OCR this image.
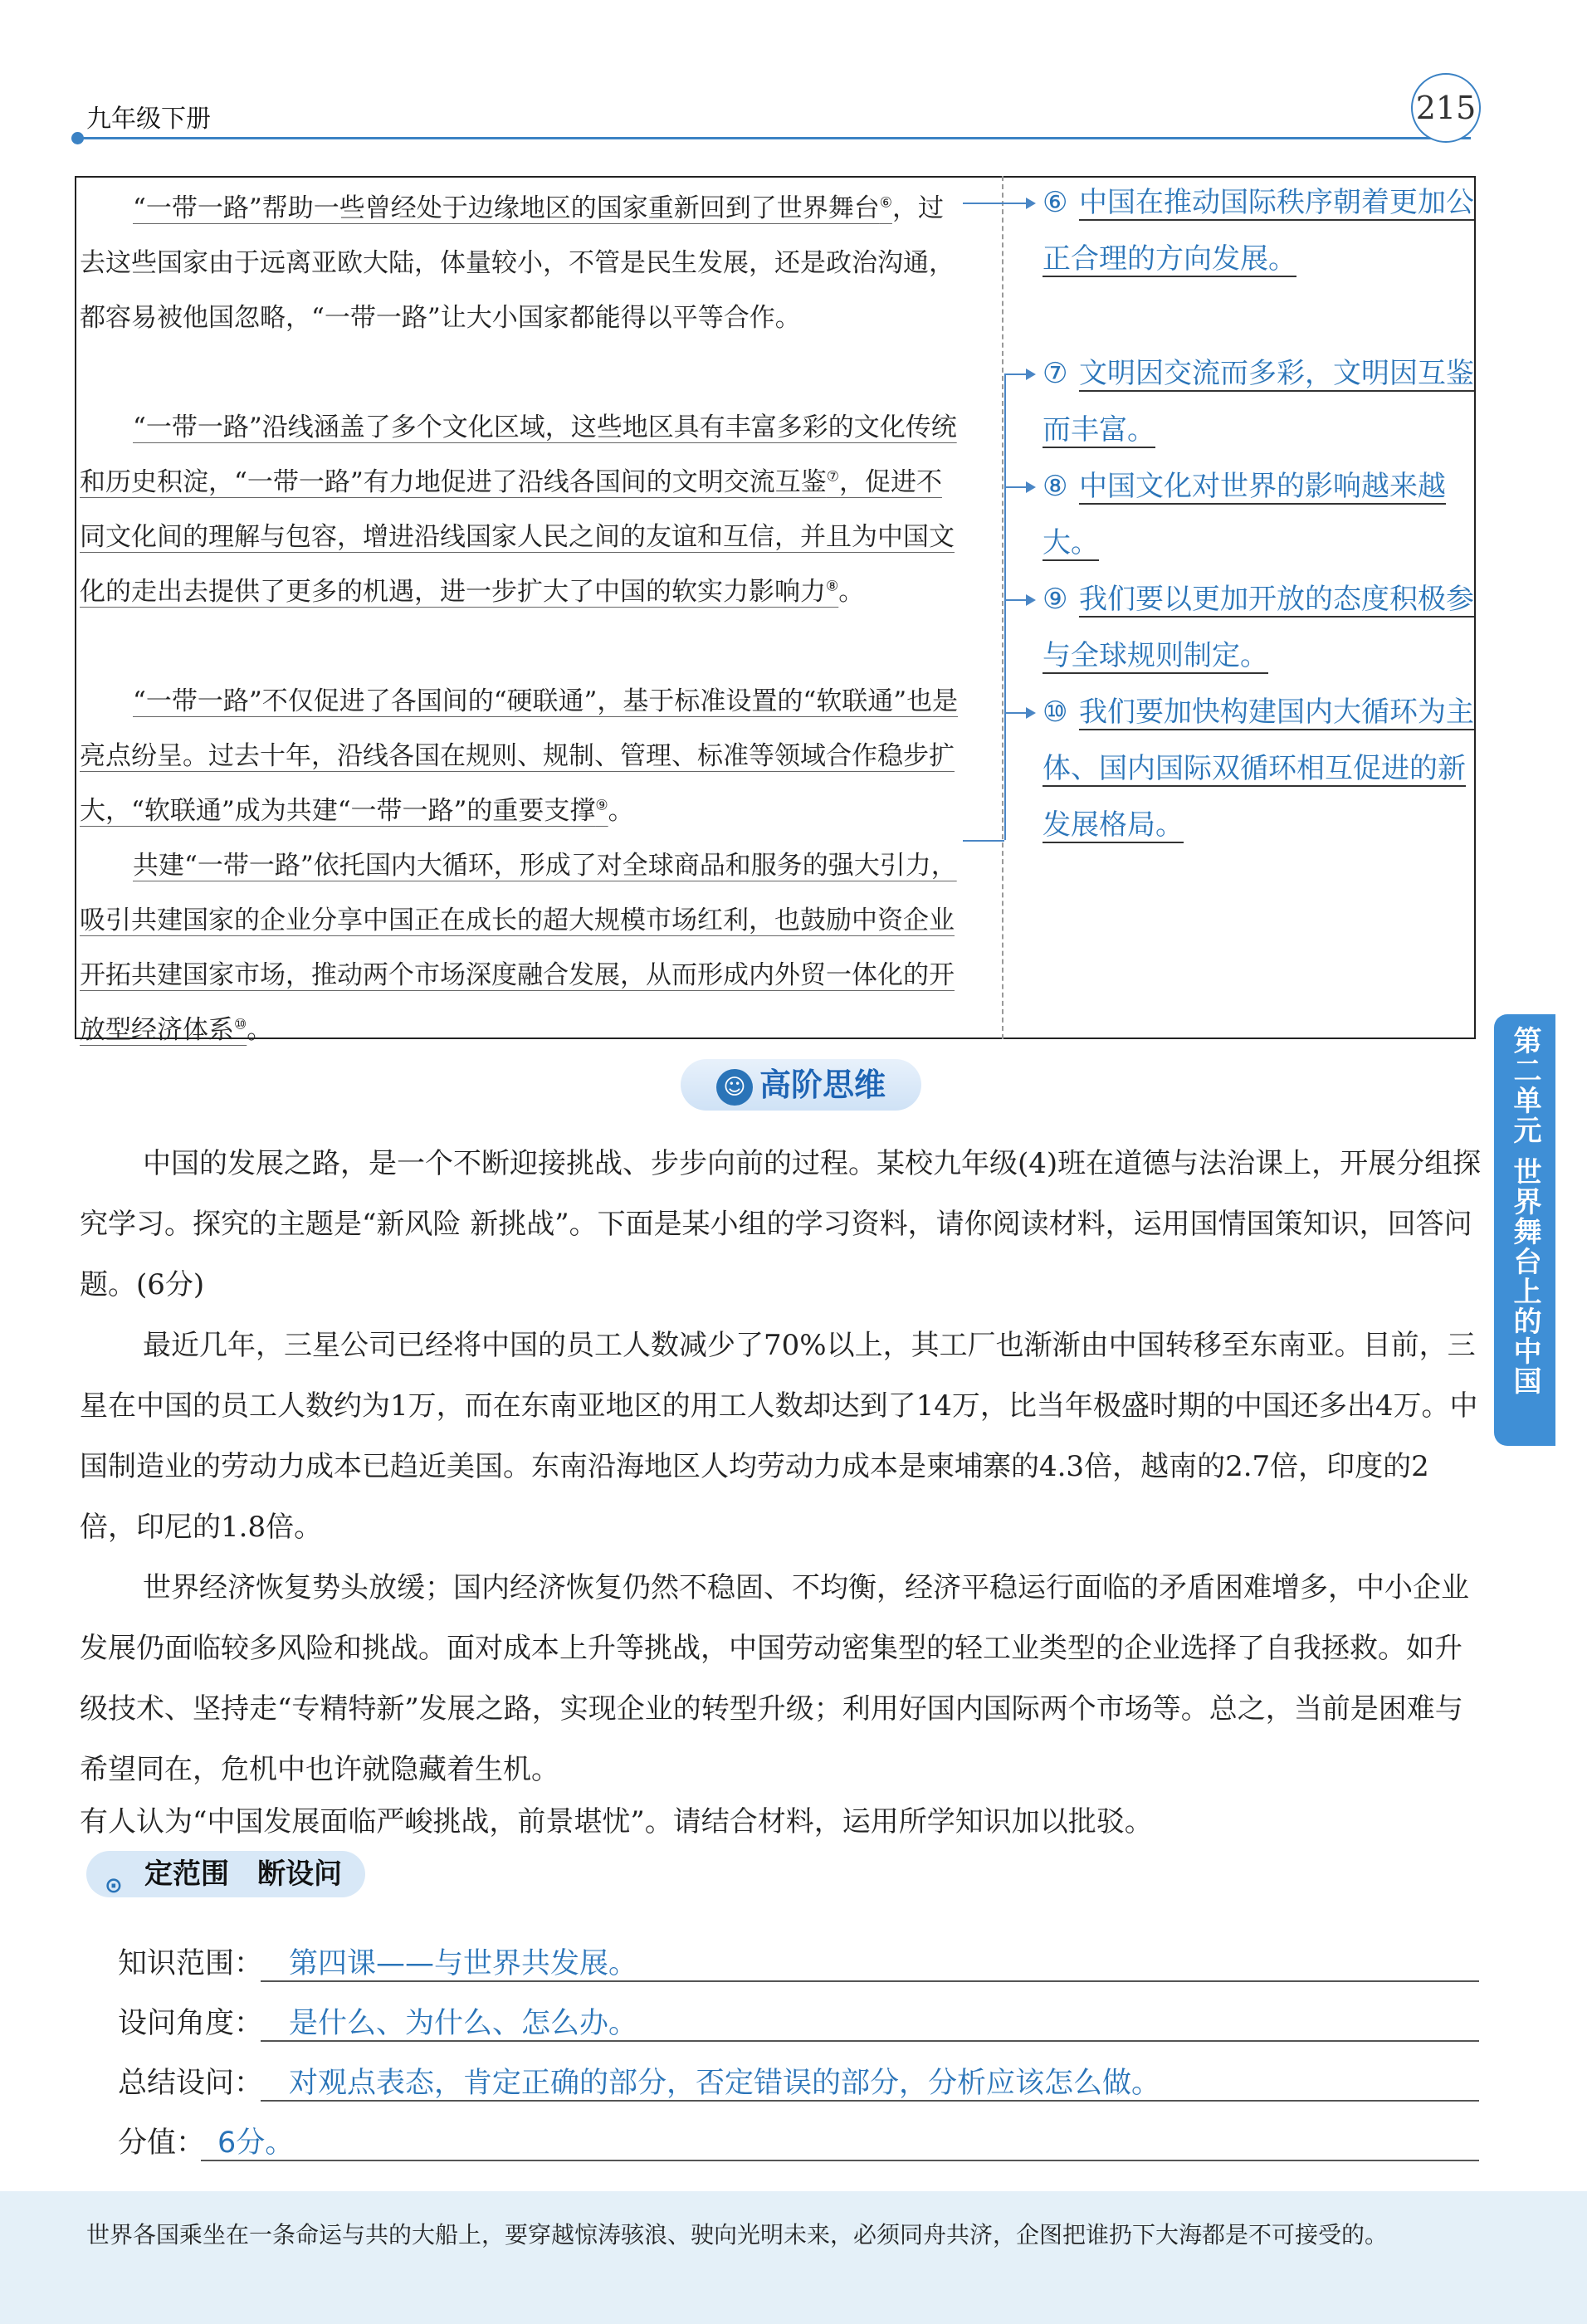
九年级下册	215
“一带一路”帮助一些曾经处于边缘地区的国家重新回到了世界舞台⑥，过去这些国家由于远离亚欧大陆，体量较小，不管是民生发展，还是政治沟通，都容易被他国忽略，“一带一路”让大小国家都能得以平等合作。
“一带一路”沿线涵盖了多个文化区域，这些地区具有丰富多彩的文化传统和历史积淀，“一带一路”有力地促进了沿线各国间的文明交流互鉴⑦，促进不同文化间的理解与包容，增进沿线国家人民之间的友谊和互信，并且为中国文化的走出去提供了更多的机遇，进一步扩大了中国的软实力影响力⑧。
“一带一路”不仅促进了各国间的“硬联通”，基于标准设置的“软联通”也是亮点纷呈。过去十年，沿线各国在规则、规制、管理、标准等领域合作稳步扩大，“软联通”成为共建“一带一路”的重要支撑⑨。
共建“一带一路”依托国内大循环，形成了对全球商品和服务的强大引力，吸引共建国家的企业分享中国正在成长的超大规模市场红利，也鼓励中资企业开拓共建国家市场，推动两个市场深度融合发展，从而形成内外贸一体化的开放型经济体系⑩。
⑥ 中国在推动国际秩序朝着更加公正合理的方向发展。
⑦ 文明因交流而多彩，文明因互鉴而丰富。
⑧ 中国文化对世界的影响越来越大。
⑨ 我们要以更加开放的态度积极参与全球规则制定。
⑩ 我们要加快构建国内大循环为主体、国内国际双循环相互促进的新发展格局。
☺ 高阶思维	第二单元 世界舞台上的中国
中国的发展之路，是一个不断迎接挑战、步步向前的过程。某校九年级(4)班在道德与法治课上，开展分组探究学习。探究的主题是“新风险 新挑战”。下面是某小组的学习资料，请你阅读材料，运用国情国策知识，回答问题。(6分)
最近几年，三星公司已经将中国的员工人数减少了70%以上，其工厂也渐渐由中国转移至东南亚。目前，三星在中国的员工人数约为1万，而在东南亚地区的用工人数却达到了14万，比当年极盛时期的中国还多出4万。中国制造业的劳动力成本已趋近美国。东南沿海地区人均劳动力成本是柬埔寨的4.3倍，越南的2.7倍，印度的2倍，印尼的1.8倍。
世界经济恢复势头放缓；国内经济恢复仍然不稳固、不均衡，经济平稳运行面临的矛盾困难增多，中小企业发展仍面临较多风险和挑战。面对成本上升等挑战，中国劳动密集型的轻工业类型的企业选择了自我拯救。如升级技术、坚持走“专精特新”发展之路，实现企业的转型升级；利用好国内国际两个市场等。总之，当前是困难与希望同在，危机中也许就隐藏着生机。
有人认为“中国发展面临严峻挑战，前景堪忧”。请结合材料，运用所学知识加以批驳。
⊙ 定范围　断设问
知识范围： 第四课——与世界共发展。
设问角度： 是什么、为什么、怎么办。
总结设问： 对观点表态，肯定正确的部分，否定错误的部分，分析应该怎么做。
分值： 6分。

世界各国乘坐在一条命运与共的大船上，要穿越惊涛骇浪、驶向光明未来，必须同舟共济，企图把谁扔下大海都是不可接受的。
